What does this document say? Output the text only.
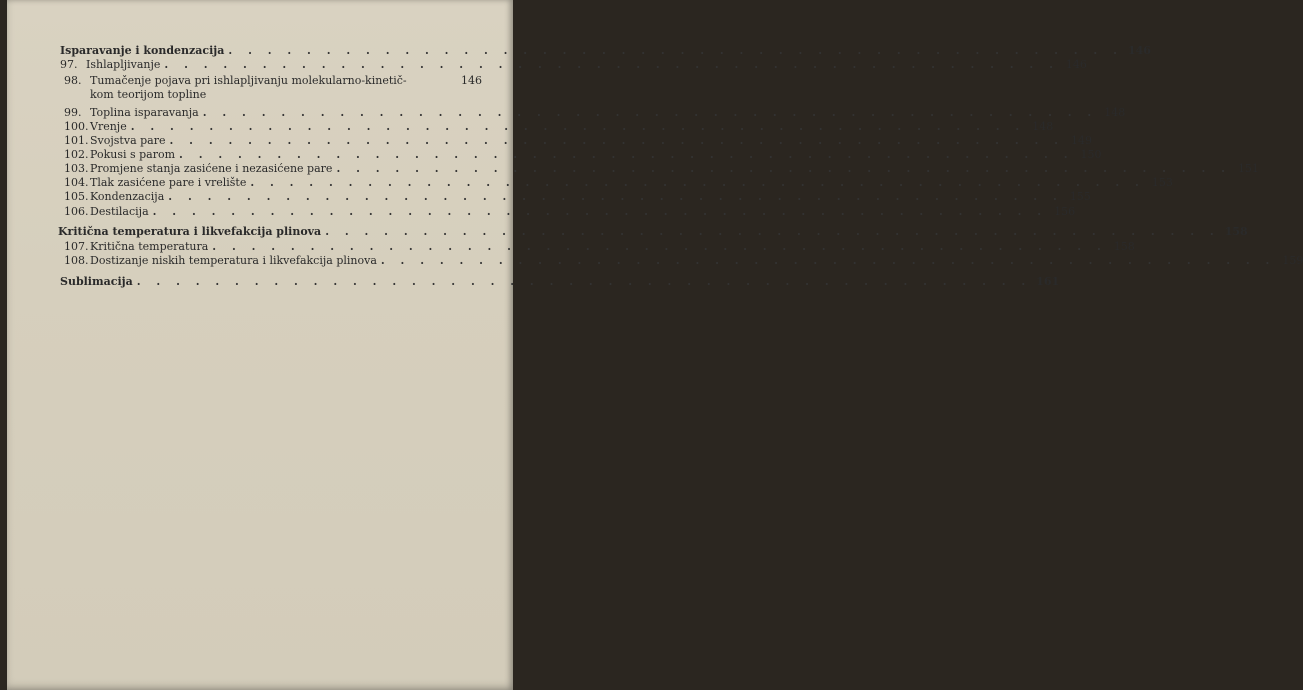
Isparavanje i kondenzacija . . . . . . . . . . . . . . . . . . . . . . . . . . . . . . . . . . . . . . . . . . . . . . 146
97. Ishlapljivanje . . . . . . . . . . . . . . . . . . . . . . . . . . . . . . . . . . . . . . . . . . . . . . 146
98. Tumačenje pojava pri ishlapljivanju molekularno-kinetič-	146
kom teorijom topline
99. Toplina isparavanja . . . . . . . . . . . . . . . . . . . . . . . . . . . . . . . . . . . . . . . . . . . . . . 148
100. Vrenje . . . . . . . . . . . . . . . . . . . . . . . . . . . . . . . . . . . . . . . . . . . . . . 148
101. Svojstva pare . . . . . . . . . . . . . . . . . . . . . . . . . . . . . . . . . . . . . . . . . . . . . . 149
102. Pokusi s parom . . . . . . . . . . . . . . . . . . . . . . . . . . . . . . . . . . . . . . . . . . . . . . 150
103. Promjene stanja zasićene i nezasićene pare . . . . . . . . . . . . . . . . . . . . . . . . . . . . . . . . . . . . . . . . . . . . . . 151
104. Tlak zasićene pare i vrelište . . . . . . . . . . . . . . . . . . . . . . . . . . . . . . . . . . . . . . . . . . . . . . 153
105. Kondenzacija . . . . . . . . . . . . . . . . . . . . . . . . . . . . . . . . . . . . . . . . . . . . . . 155
106. Destilacija . . . . . . . . . . . . . . . . . . . . . . . . . . . . . . . . . . . . . . . . . . . . . . 156
Kritična temperatura i likvefakcija plinova . . . . . . . . . . . . . . . . . . . . . . . . . . . . . . . . . . . . . . . . . . . . . . 158
107. Kritična temperatura . . . . . . . . . . . . . . . . . . . . . . . . . . . . . . . . . . . . . . . . . . . . . . 158
108. Dostizanje niskih temperatura i likvefakcija plinova . . . . . . . . . . . . . . . . . . . . . . . . . . . . . . . . . . . . . . . . . . . . . . 159
Sublimacija . . . . . . . . . . . . . . . . . . . . . . . . . . . . . . . . . . . . . . . . . . . . . . 161
